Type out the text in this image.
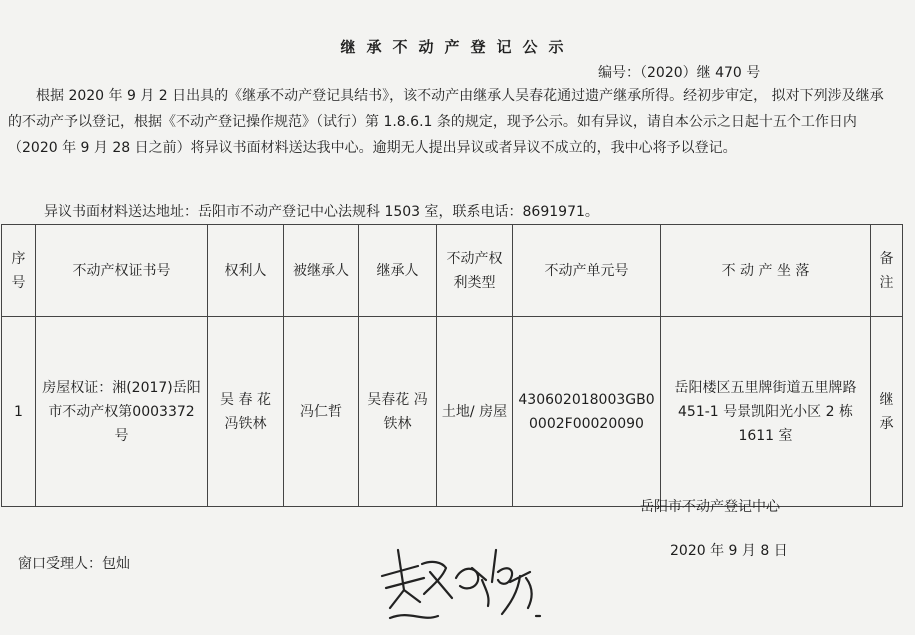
继承不动产登记公示
编号：（2020）继 470 号
根据 2020 年 9 月 2 日出具的《继承不动产登记具结书》，该不动产由继承人吴春花通过遗产继承所得。经初步审定， 拟对下列涉及继承的不动产予以登记，根据《不动产登记操作规范》（试行）第 1.8.6.1 条的规定，现予公示。如有异议，请自本公示之日起十五个工作日内（2020 年 9 月 28 日之前）将异议书面材料送达我中心。逾期无人提出异议或者异议不成立的，我中心将予以登记。
异议书面材料送达地址：岳阳市不动产登记中心法规科 1503 室，联系电话：8691971。
序号	不动产权证书号	权利人	被继承人	继承人	不动产权利类型	不动产单元号	不 动 产 坐 落	备注
1	房屋权证：湘(2017)岳阳市不动产权第0003372 号	吴 春 花 冯铁林	冯仁哲	吴春花 冯铁林	土地/ 房屋	430602018003GB0 0002F00020090	岳阳楼区五里牌街道五里牌路 451-1 号景凯阳光小区 2 栋 1611 室	继承
岳阳市不动产登记中心
2020 年 9 月 8 日
窗口受理人：包灿
